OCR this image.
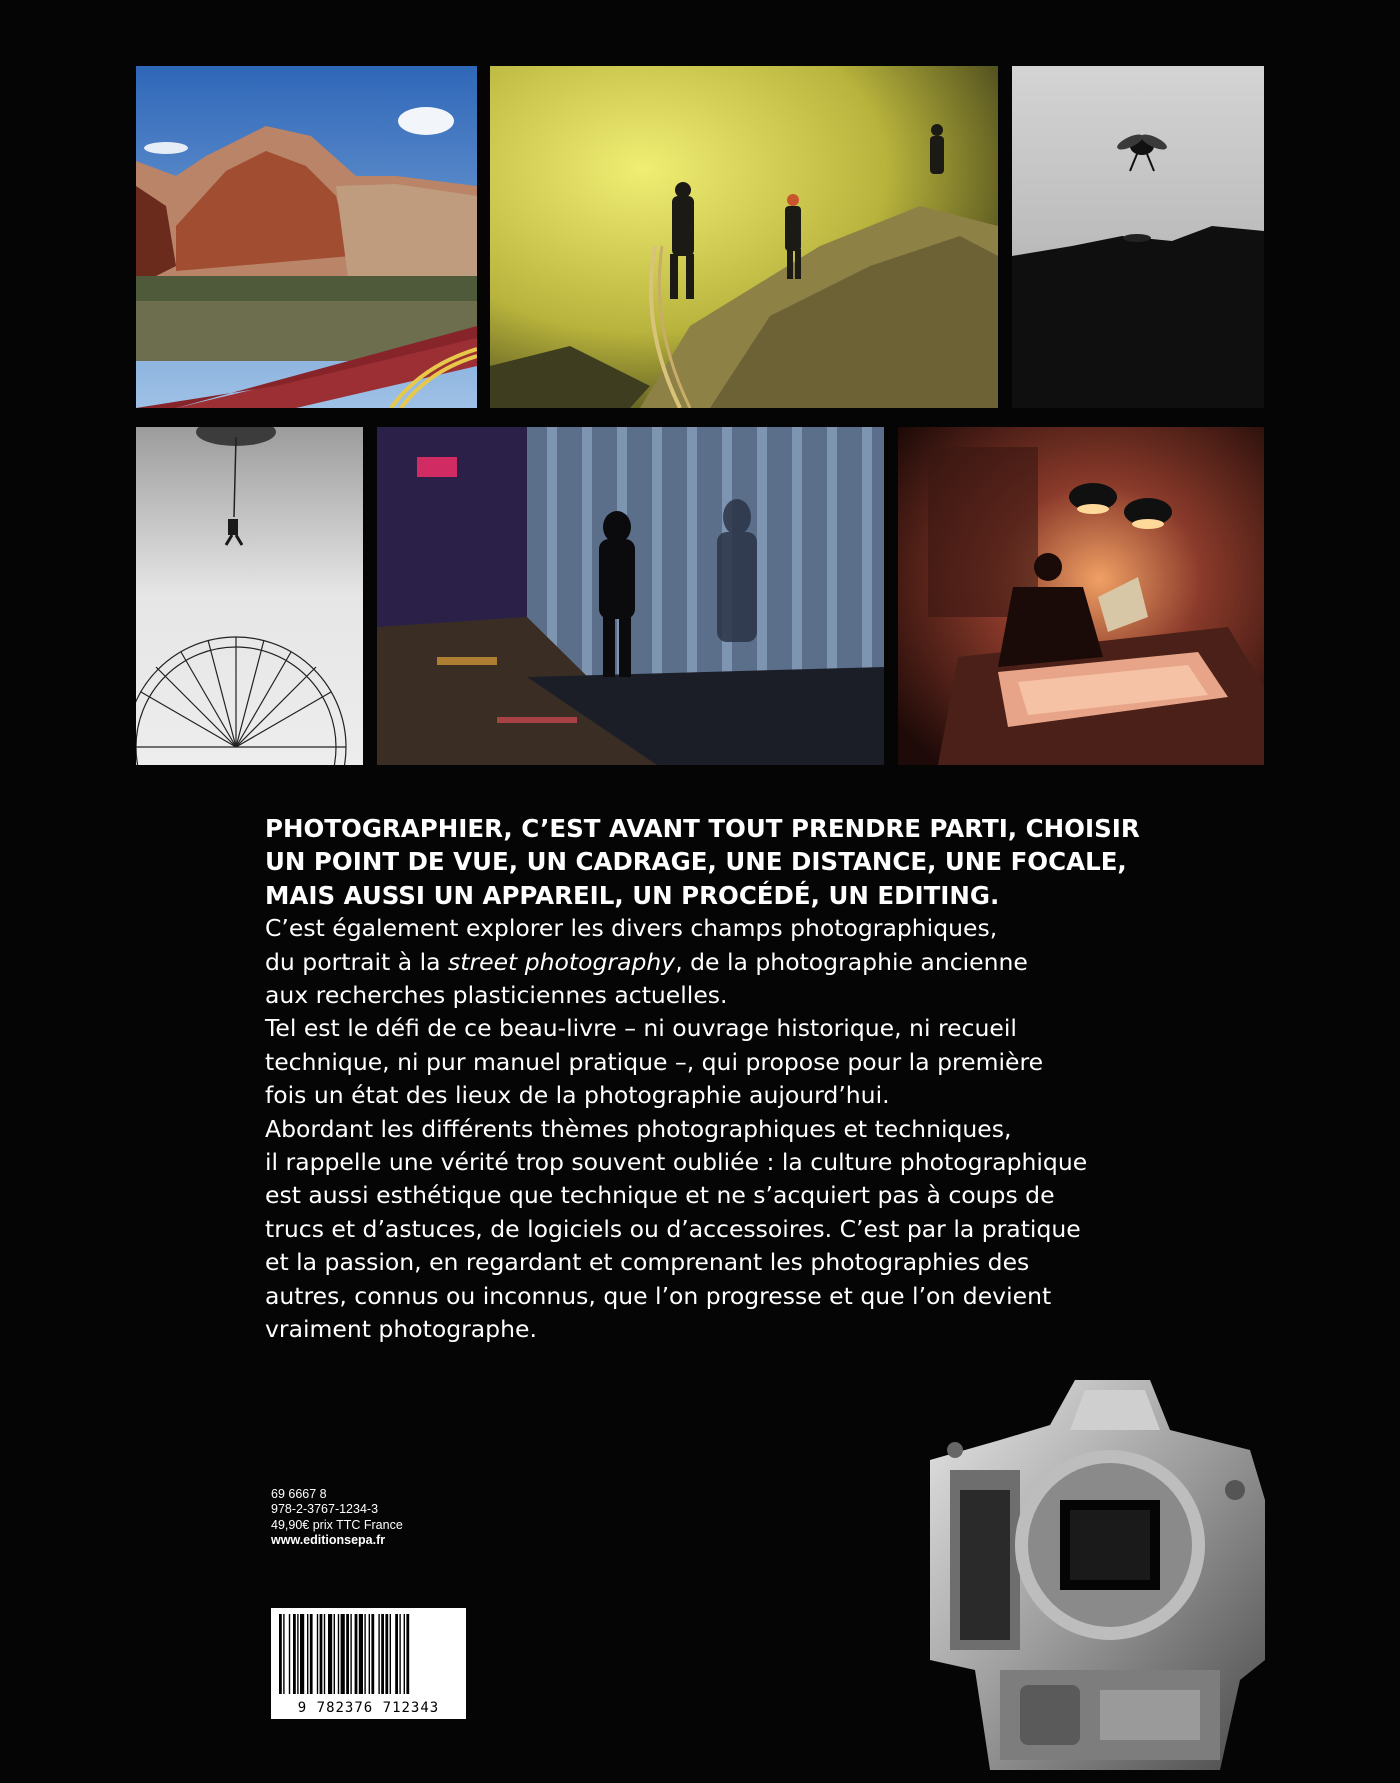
PHOTOGRAPHIER, C’EST AVANT TOUT PRENDRE PARTI, CHOISIR
UN POINT DE VUE, UN CADRAGE, UNE DISTANCE, UNE FOCALE,
MAIS AUSSI UN APPAREIL, UN PROCÉDÉ, UN EDITING.
C’est également explorer les divers champs photographiques,
du portrait à la street photography, de la photographie ancienne
aux recherches plasticiennes actuelles.
Tel est le défi de ce beau-livre – ni ouvrage historique, ni recueil
technique, ni pur manuel pratique –, qui propose pour la première
fois un état des lieux de la photographie aujourd’hui.
Abordant les différents thèmes photographiques et techniques,
il rappelle une vérité trop souvent oubliée : la culture photographique
est aussi esthétique que technique et ne s’acquiert pas à coups de
trucs et d’astuces, de logiciels ou d’accessoires. C’est par la pratique
et la passion, en regardant et comprenant les photographies des
autres, connus ou inconnus, que l’on progresse et que l’on devient
vraiment photographe.
69 6667 8
978-2-3767-1234-3
49,90€ prix TTC France
www.editionsepa.fr
9 782376 712343
